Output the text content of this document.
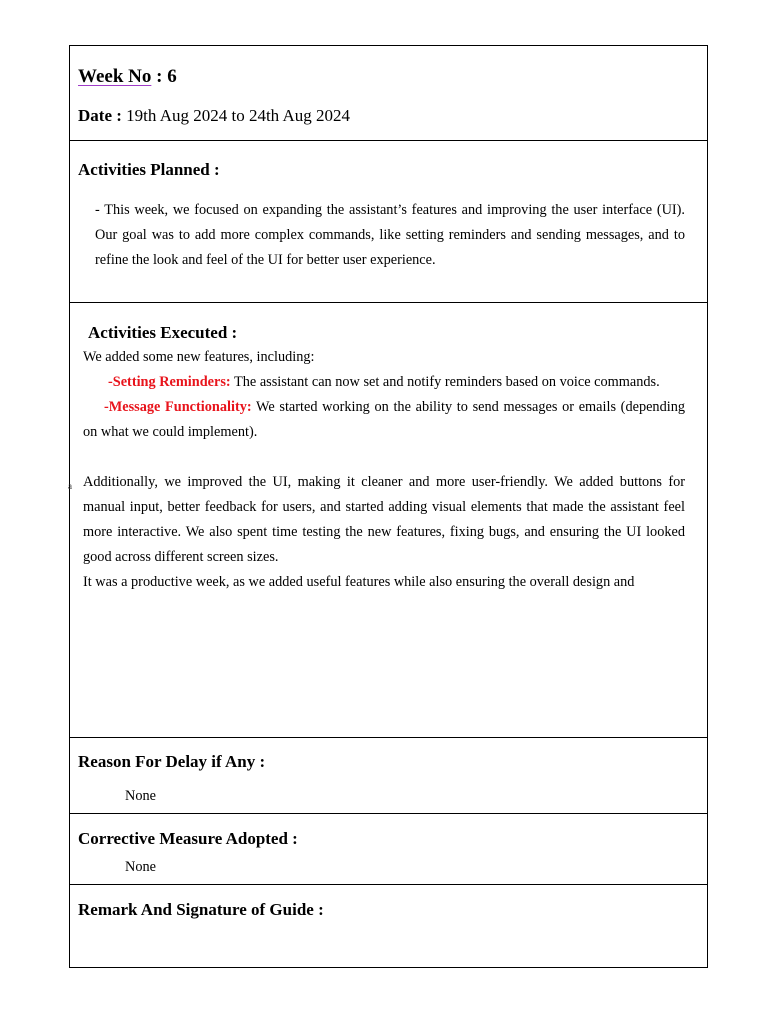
Week No : 6
Date : 19th Aug 2024 to 24th Aug 2024
Activities Planned :
- This week, we focused on expanding the assistant’s features and improving the user interface (UI). Our goal was to add more complex commands, like setting reminders and sending messages, and to refine the look and feel of the UI for better user experience.
Activities Executed :
a

We added some new features, including:

-Setting Reminders: The assistant can now set and notify reminders based on voice commands.

-Message Functionality: We started working on the ability to send messages or emails (depending on what we could implement).

Additionally, we improved the UI, making it cleaner and more user-friendly. We added buttons for manual input, better feedback for users, and started adding visual elements that made the assistant feel more interactive. We also spent time testing the new features, fixing bugs, and ensuring the UI looked good across different screen sizes.

It was a productive week, as we added useful features while also ensuring the overall design and

Reason For Delay if Any :
None
Corrective Measure Adopted :
None
Remark And Signature of Guide :
